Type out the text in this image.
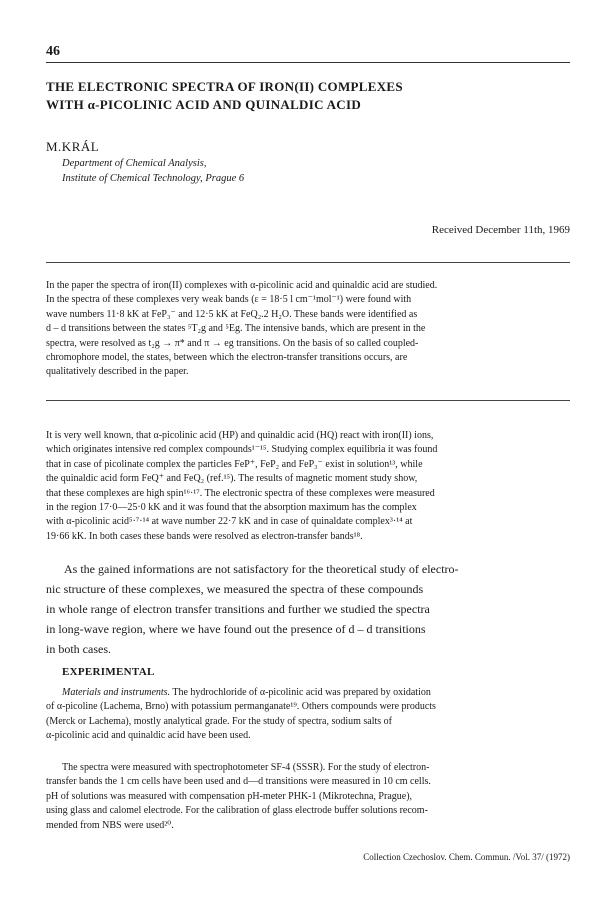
46
THE ELECTRONIC SPECTRA OF IRON(II) COMPLEXES
WITH α-PICOLINIC ACID AND QUINALDIC ACID
M.KRÁL
Department of Chemical Analysis,
Institute of Chemical Technology, Prague 6
Received December 11th, 1969
In the paper the spectra of iron(II) complexes with α-picolinic acid and quinaldic acid are studied.
In the spectra of these complexes very weak bands (ε = 18·5 l cm⁻¹mol⁻¹) were found with
wave numbers 11·8 kK at FeP₃⁻ and 12·5 kK at FeQ₂.2 H₂O. These bands were identified as
d – d transitions between the states ⁵T₂g and ⁵Eg. The intensive bands, which are present in the
spectra, were resolved as t₂g → π* and π → eg transitions. On the basis of so called coupled-
chromophore model, the states, between which the electron-transfer transitions occurs, are
qualitatively described in the paper.
It is very well known, that α-picolinic acid (HP) and quinaldic acid (HQ) react with iron(II) ions,
which originates intensive red complex compounds¹⁻¹⁵. Studying complex equilibria it was found
that in case of picolinate complex the particles FeP⁺, FeP₂ and FeP₃⁻ exist in solution¹³, while
the quinaldic acid form FeQ⁺ and FeQ₂ (ref.¹⁵). The results of magnetic moment study show,
that these complexes are high spin¹⁶·¹⁷. The electronic spectra of these complexes were measured
in the region 17·0—25·0 kK and it was found that the absorption maximum has the complex
with α-picolinic acid⁵·⁷·¹⁴ at wave number 22·7 kK and in case of quinaldate complex³·¹⁴ at
19·66 kK. In both cases these bands were resolved as electron-transfer bands¹⁸.
As the gained informations are not satisfactory for the theoretical study of electro-
nic structure of these complexes, we measured the spectra of these compounds
in whole range of electron transfer transitions and further we studied the spectra
in long-wave region, where we have found out the presence of d – d transitions
in both cases.
EXPERIMENTAL
Materials and instruments. The hydrochloride of α-picolinic acid was prepared by oxidation
of α-picoline (Lachema, Brno) with potassium permanganate¹⁹. Others compounds were products
(Merck or Lachema), mostly analytical grade. For the study of spectra, sodium salts of
α-picolinic acid and quinaldic acid have been used.
The spectra were measured with spectrophotometer SF-4 (SSSR). For the study of electron-
transfer bands the 1 cm cells have been used and d—d transitions were measured in 10 cm cells.
pH of solutions was measured with compensation pH-meter PHK-1 (Mikrotechna, Prague),
using glass and calomel electrode. For the calibration of glass electrode buffer solutions recom-
mended from NBS were used²⁰.
Collection Czechoslov. Chem. Commun. /Vol. 37/ (1972)
